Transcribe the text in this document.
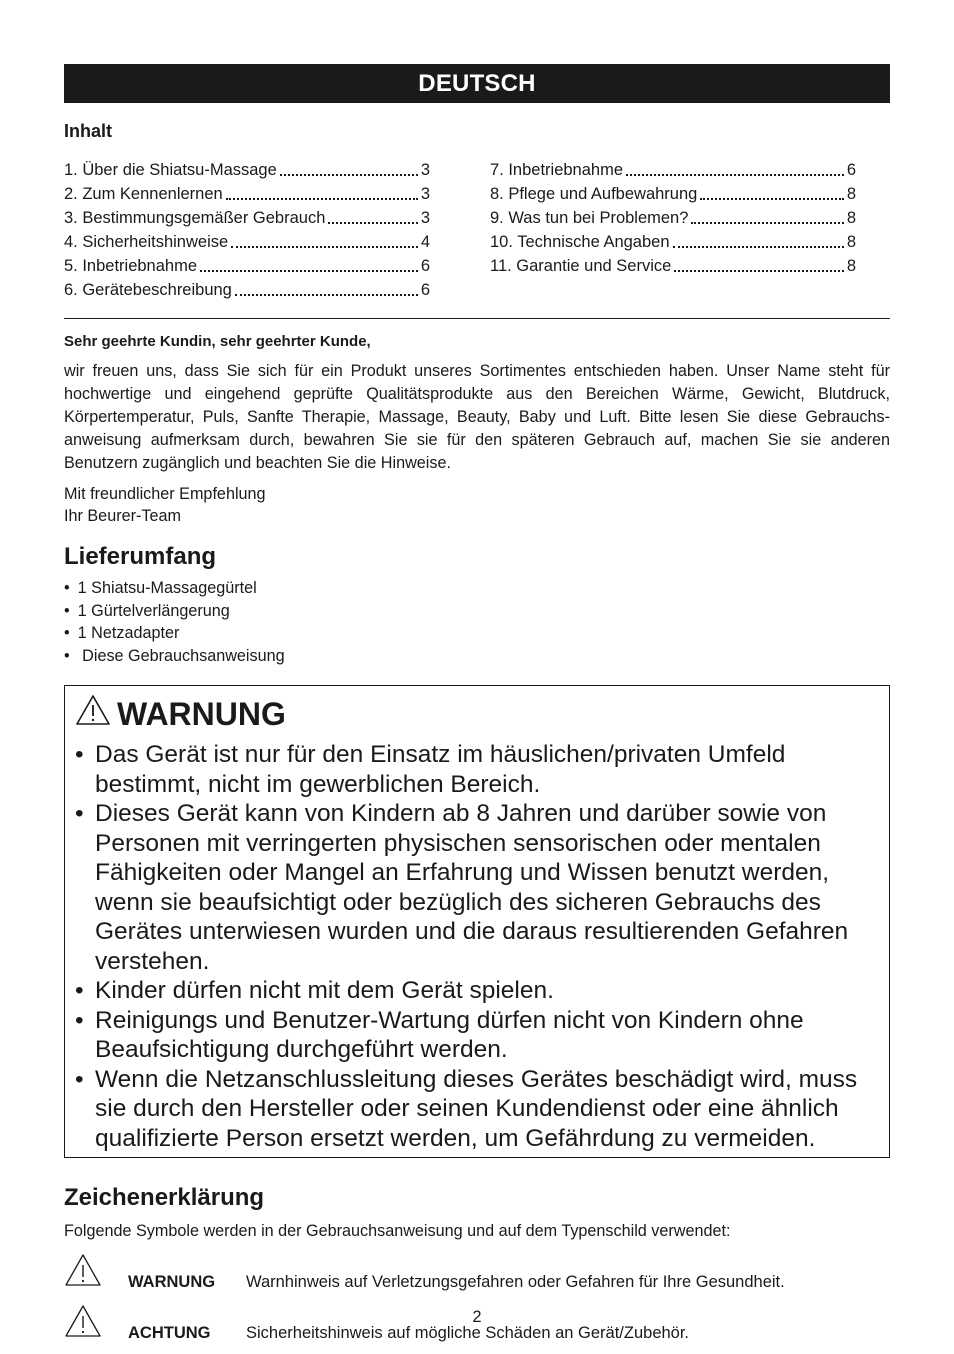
DEUTSCH
Inhalt
1. Über die Shiatsu-Massage	3
2. Zum Kennenlernen	3
3. Bestimmungsgemäßer Gebrauch	3
4. Sicherheitshinweise	4
5. Inbetriebnahme	6
6. Gerätebeschreibung	6
7. Inbetriebnahme	6
8. Pflege und Aufbewahrung	8
9. Was tun bei Problemen?	8
10. Technische Angaben	8
11. Garantie und Service	8
Sehr geehrte Kundin, sehr geehrter Kunde,
wir freuen uns, dass Sie sich für ein Produkt unseres Sortimentes entschieden haben. Unser Name steht für hochwertige und eingehend geprüfte Qualitätsprodukte aus den Bereichen Wärme, Gewicht, Blutdruck, Körpertemperatur, Puls, Sanfte Therapie, Massage, Beauty, Baby und Luft. Bitte lesen Sie diese Gebrauchsanweisung aufmerksam durch, bewahren Sie sie für den späteren Gebrauch auf, machen Sie sie anderen Benutzern zugänglich und beachten Sie die Hinweise.
Mit freundlicher Empfehlung
Ihr Beurer-Team
Lieferumfang
• 1 Shiatsu-Massagegürtel
• 1 Gürtelverlängerung
• 1 Netzadapter
• Diese Gebrauchsanweisung
WARNUNG
• Das Gerät ist nur für den Einsatz im häuslichen/privaten Umfeld bestimmt, nicht im gewerblichen Bereich.
• Dieses Gerät kann von Kindern ab 8 Jahren und darüber sowie von Personen mit verringerten physischen sensorischen oder mentalen Fähigkeiten oder Mangel an Erfahrung und Wissen benutzt werden, wenn sie beaufsichtigt oder bezüglich des sicheren Gebrauchs des Gerätes unterwiesen wurden und die daraus resultierenden Gefahren verstehen.
• Kinder dürfen nicht mit dem Gerät spielen.
• Reinigungs und Benutzer-Wartung dürfen nicht von Kindern ohne Beaufsichtigung durchgeführt werden.
• Wenn die Netzanschlussleitung dieses Gerätes beschädigt wird, muss sie durch den Hersteller oder seinen Kundendienst oder eine ähnlich qualifizierte Person ersetzt werden, um Gefährdung zu vermeiden.
Zeichenerklärung
Folgende Symbole werden in der Gebrauchsanweisung und auf dem Typenschild verwendet:
WARNUNG	Warnhinweis auf Verletzungsgefahren oder Gefahren für Ihre Gesundheit.
ACHTUNG	Sicherheitshinweis auf mögliche Schäden an Gerät/Zubehör.
2
